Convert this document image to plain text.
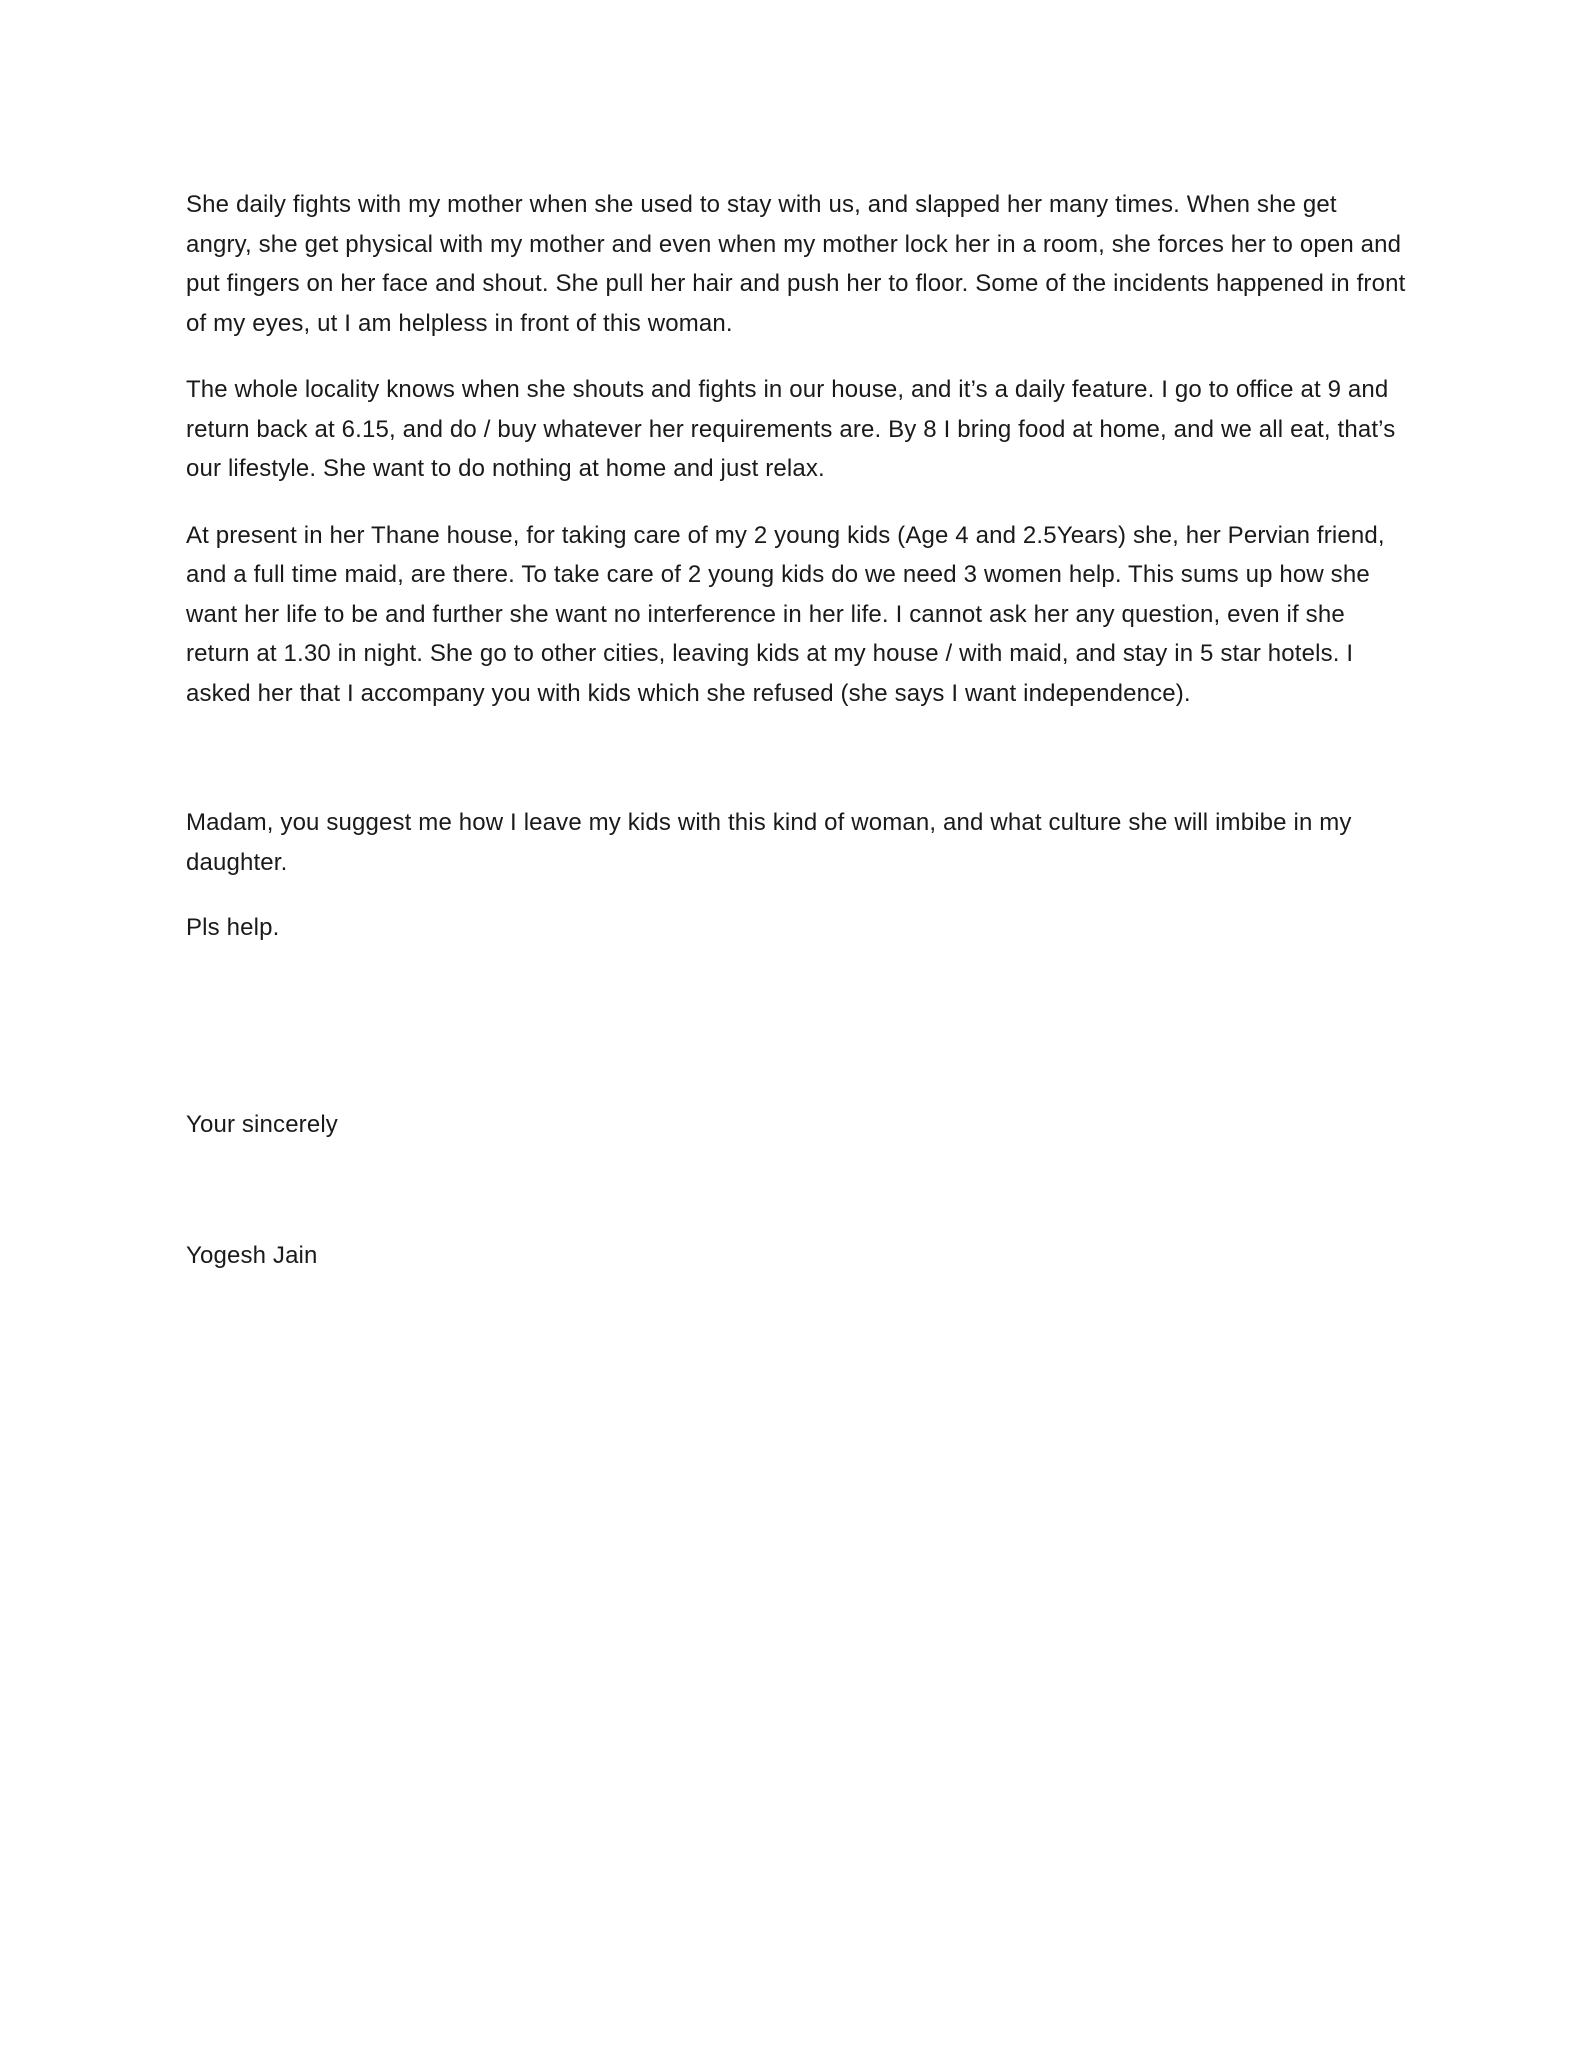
She daily fights with my mother when she used to stay with us, and slapped her many times. When she get angry, she get physical with my mother and even when my mother lock her in a room, she forces her to open and put fingers on her face and shout. She pull her hair and push her to floor. Some of the incidents happened in front of my eyes, ut I am helpless in front of this woman.

The whole locality knows when she shouts and fights in our house, and it’s a daily feature. I go to office at 9 and return back at 6.15, and do / buy whatever her requirements are. By 8 I bring food at home, and we all eat, that’s our lifestyle. She want to do nothing at home and just relax.

At present in her Thane house, for taking care of my 2 young kids (Age 4 and 2.5Years) she, her Pervian friend, and a full time maid, are there. To take care of 2 young kids do we need 3 women help. This sums up how she want her life to be and further she want no interference in her life. I cannot ask her any question, even if she return at 1.30 in night. She go to other cities, leaving kids at my house / with maid, and stay in 5 star hotels. I asked her that I accompany you with kids which she refused (she says I want independence).

Madam, you suggest me how I leave my kids with this kind of woman, and what culture she will imbibe in my daughter.

Pls help.

Your sincerely

Yogesh Jain
